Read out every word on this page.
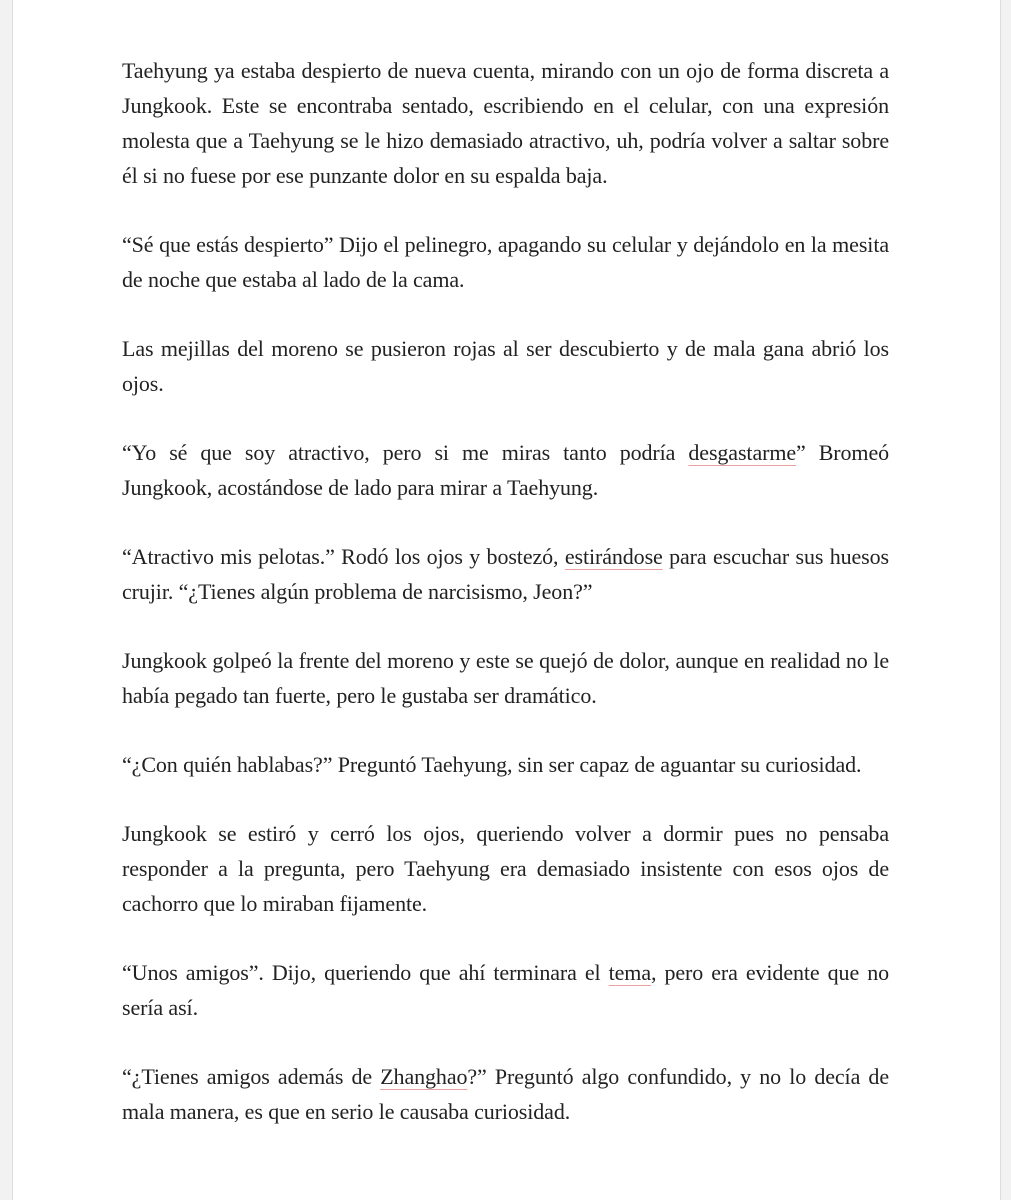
Taehyung ya estaba despierto de nueva cuenta, mirando con un ojo de forma discreta a Jungkook. Este se encontraba sentado, escribiendo en el celular, con una expresión molesta que a Taehyung se le hizo demasiado atractivo, uh, podría volver a saltar sobre él si no fuese por ese punzante dolor en su espalda baja.

“Sé que estás despierto” Dijo el pelinegro, apagando su celular y dejándolo en la mesita de noche que estaba al lado de la cama.

Las mejillas del moreno se pusieron rojas al ser descubierto y de mala gana abrió los ojos.

“Yo sé que soy atractivo, pero si me miras tanto podría desgastarme” Bromeó Jungkook, acostándose de lado para mirar a Taehyung.

“Atractivo mis pelotas.” Rodó los ojos y bostezó, estirándose para escuchar sus huesos crujir. “¿Tienes algún problema de narcisismo, Jeon?”

Jungkook golpeó la frente del moreno y este se quejó de dolor, aunque en realidad no le había pegado tan fuerte, pero le gustaba ser dramático.

“¿Con quién hablabas?” Preguntó Taehyung, sin ser capaz de aguantar su curiosidad.

Jungkook se estiró y cerró los ojos, queriendo volver a dormir pues no pensaba responder a la pregunta, pero Taehyung era demasiado insistente con esos ojos de cachorro que lo miraban fijamente.

“Unos amigos”. Dijo, queriendo que ahí terminara el tema, pero era evidente que no sería así.

“¿Tienes amigos además de Zhanghao?” Preguntó algo confundido, y no lo decía de mala manera, es que en serio le causaba curiosidad.
